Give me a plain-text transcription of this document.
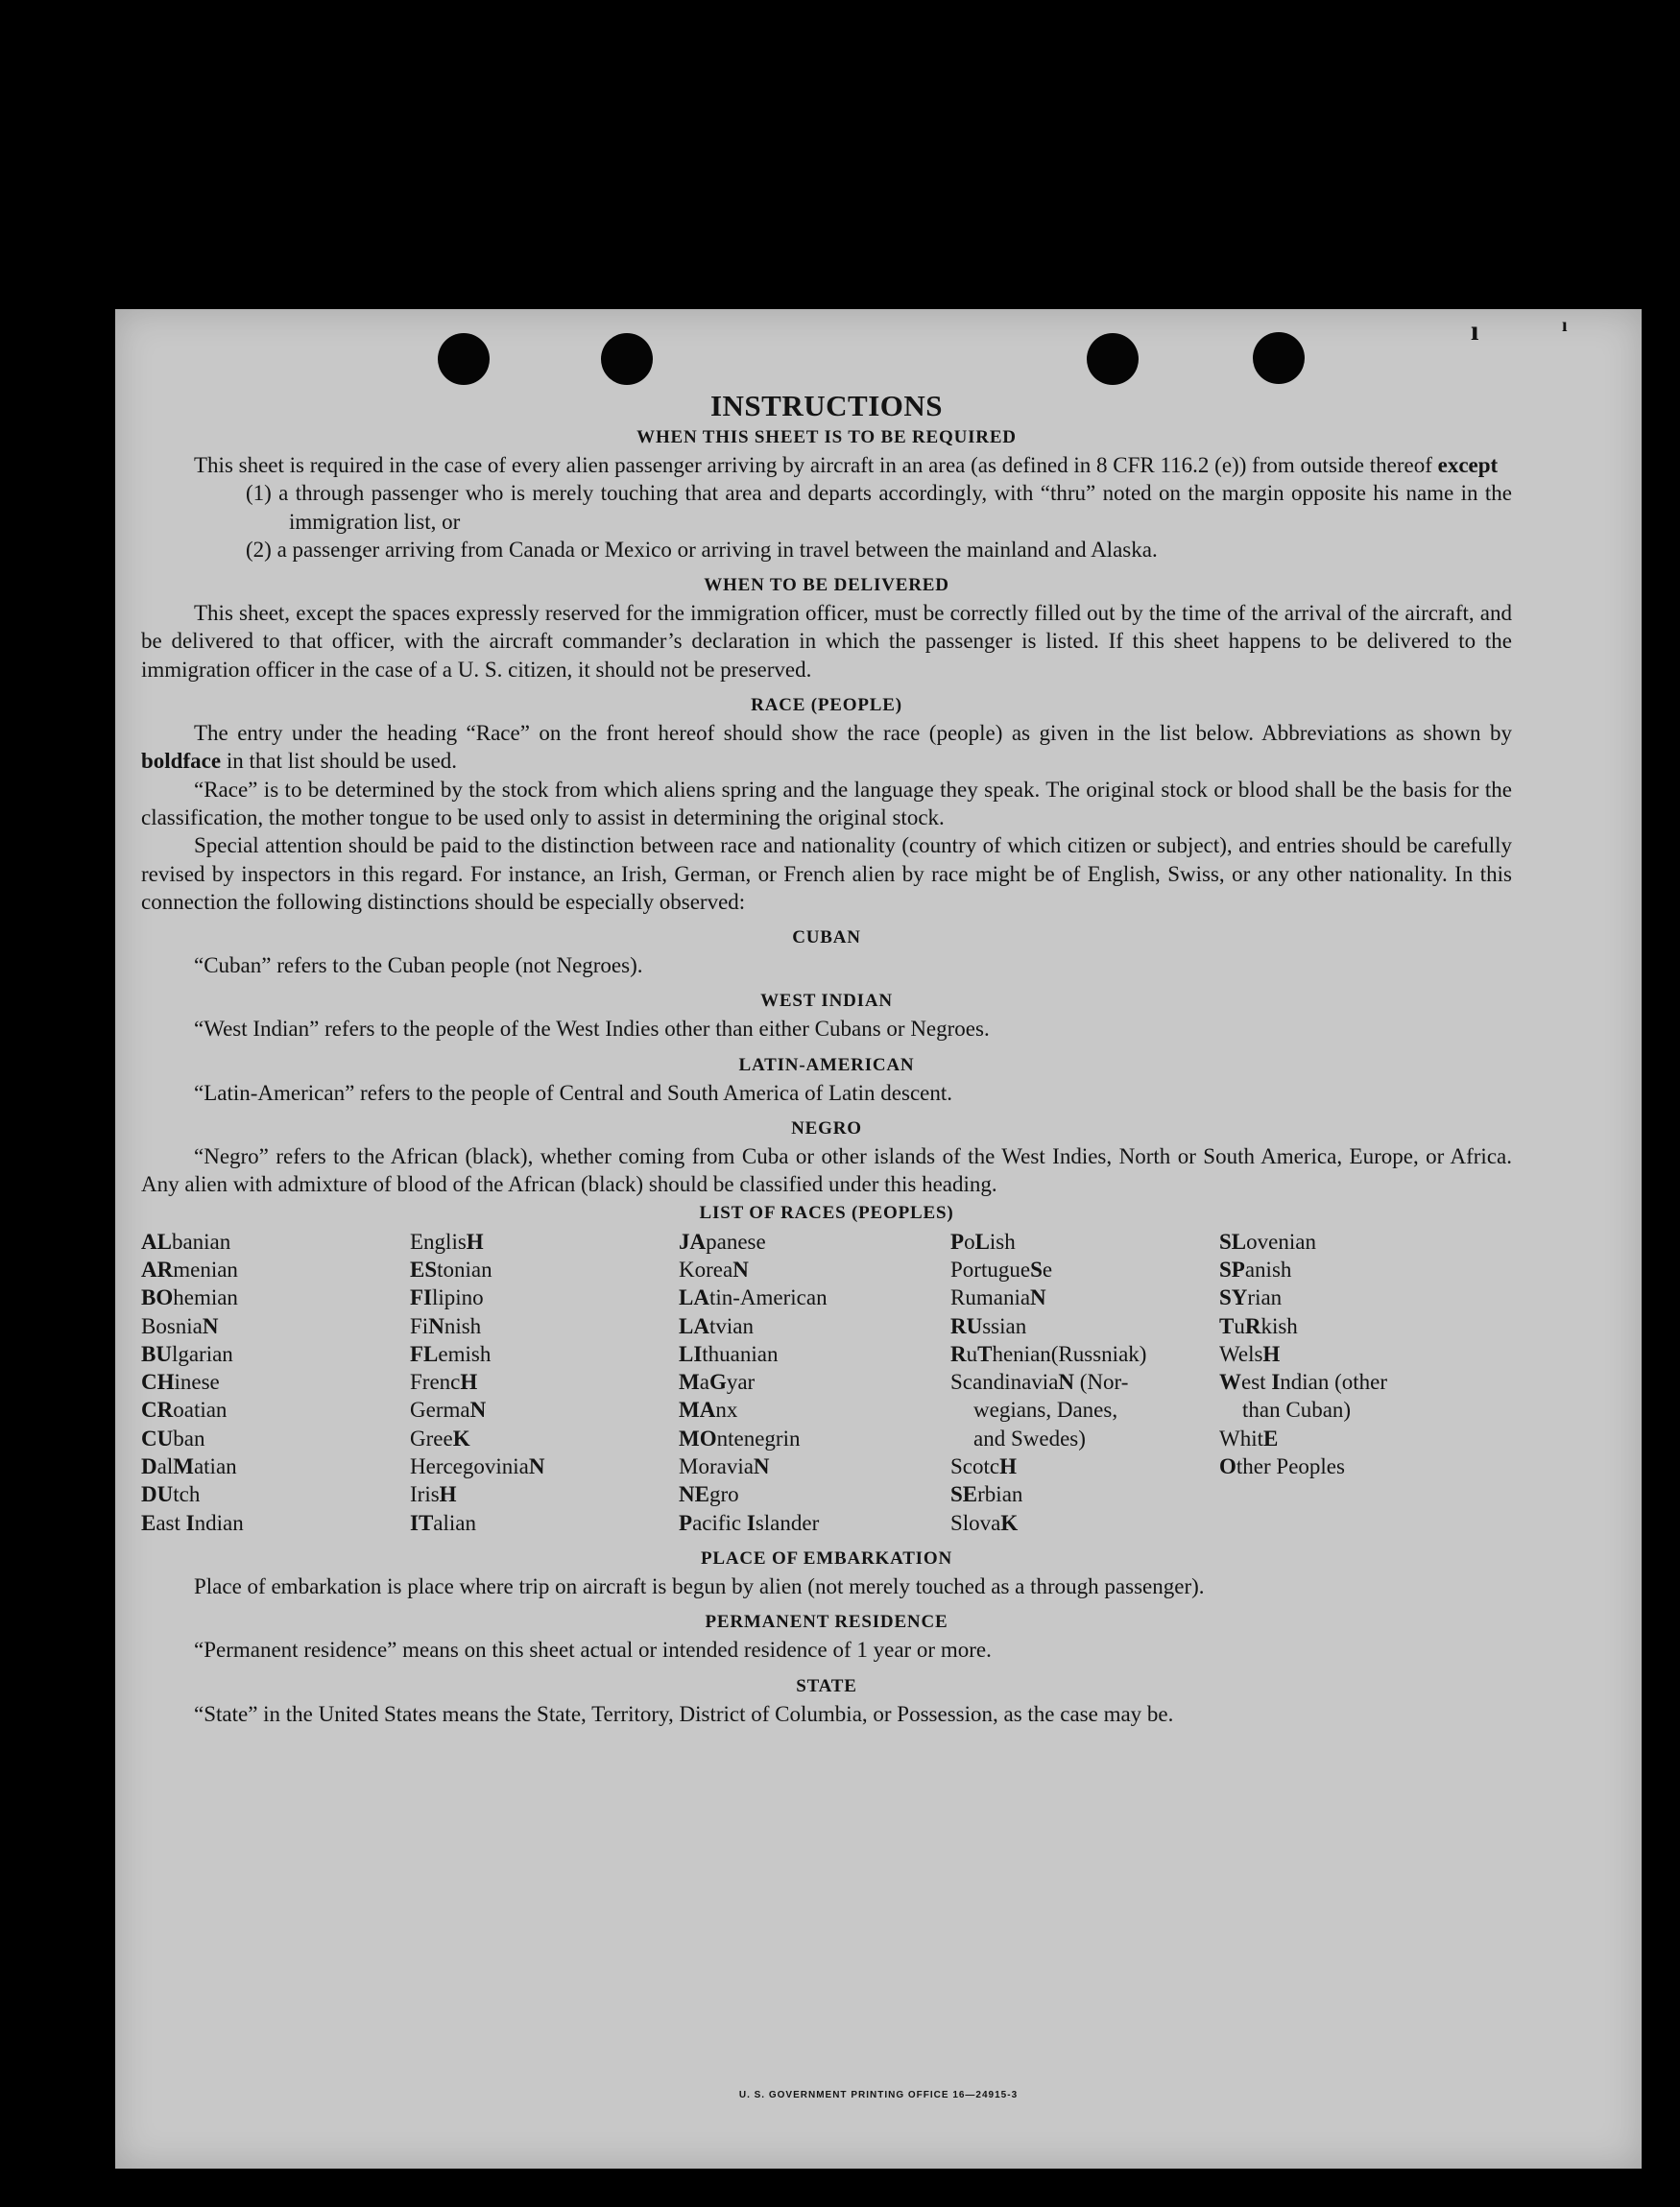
ı	ı
INSTRUCTIONS
WHEN THIS SHEET IS TO BE REQUIRED

This sheet is required in the case of every alien passenger arriving by aircraft in an area (as defined in 8 CFR 116.2 (e)) from outside thereof except

(1) a through passenger who is merely touching that area and departs accordingly, with “thru” noted on the margin opposite his name in the immigration list, or

(2) a passenger arriving from Canada or Mexico or arriving in travel between the mainland and Alaska.

WHEN TO BE DELIVERED

This sheet, except the spaces expressly reserved for the immigration officer, must be correctly filled out by the time of the arrival of the aircraft, and be delivered to that officer, with the aircraft commander’s declaration in which the passenger is listed. If this sheet happens to be delivered to the immigration officer in the case of a U. S. citizen, it should not be preserved.

RACE (PEOPLE)

The entry under the heading “Race” on the front hereof should show the race (people) as given in the list below. Abbreviations as shown by boldface in that list should be used.

“Race” is to be determined by the stock from which aliens spring and the language they speak. The original stock or blood shall be the basis for the classification, the mother tongue to be used only to assist in determining the original stock.

Special attention should be paid to the distinction between race and nationality (country of which citizen or subject), and entries should be carefully revised by inspectors in this regard. For instance, an Irish, German, or French alien by race might be of English, Swiss, or any other nationality. In this connection the following distinctions should be especially observed:

CUBAN

“Cuban” refers to the Cuban people (not Negroes).

WEST INDIAN

“West Indian” refers to the people of the West Indies other than either Cubans or Negroes.

LATIN-AMERICAN

“Latin-American” refers to the people of Central and South America of Latin descent.

NEGRO

“Negro” refers to the African (black), whether coming from Cuba or other islands of the West Indies, North or South America, Europe, or Africa. Any alien with admixture of blood of the African (black) should be classified under this heading.

LIST OF RACES (PEOPLES)
ALbanian
ARmenian
BOhemian
BosniaN
BUlgarian
CHinese
CRoatian
CUban
DalMatian
DUtch
East Indian
EnglisH
EStonian
FIlipino
FiNnish
FLemish
FrencH
GermaN
GreeK
HercegoviniaN
IrisH
ITalian
JApanese
KoreaN
LAtin-American
LAtvian
LIthuanian
MaGyar
MAnx
MOntenegrin
MoraviaN
NEgro
Pacific Islander
PoLish
PortugueSe
RumaniaN
RUssian
RuThenian(Russniak)
ScandinaviaN (Nor-
wegians, Danes,
and Swedes)
ScotcH
SErbian
SlovaK
SLovenian
SPanish
SYrian
TuRkish
WelsH
West Indian (other
than Cuban)
WhitE
Other Peoples
PLACE OF EMBARKATION

Place of embarkation is place where trip on aircraft is begun by alien (not merely touched as a through passenger).

PERMANENT RESIDENCE

“Permanent residence” means on this sheet actual or intended residence of 1 year or more.

STATE

“State” in the United States means the State, Territory, District of Columbia, or Possession, as the case may be.

U. S. GOVERNMENT PRINTING OFFICE 16—24915-3
